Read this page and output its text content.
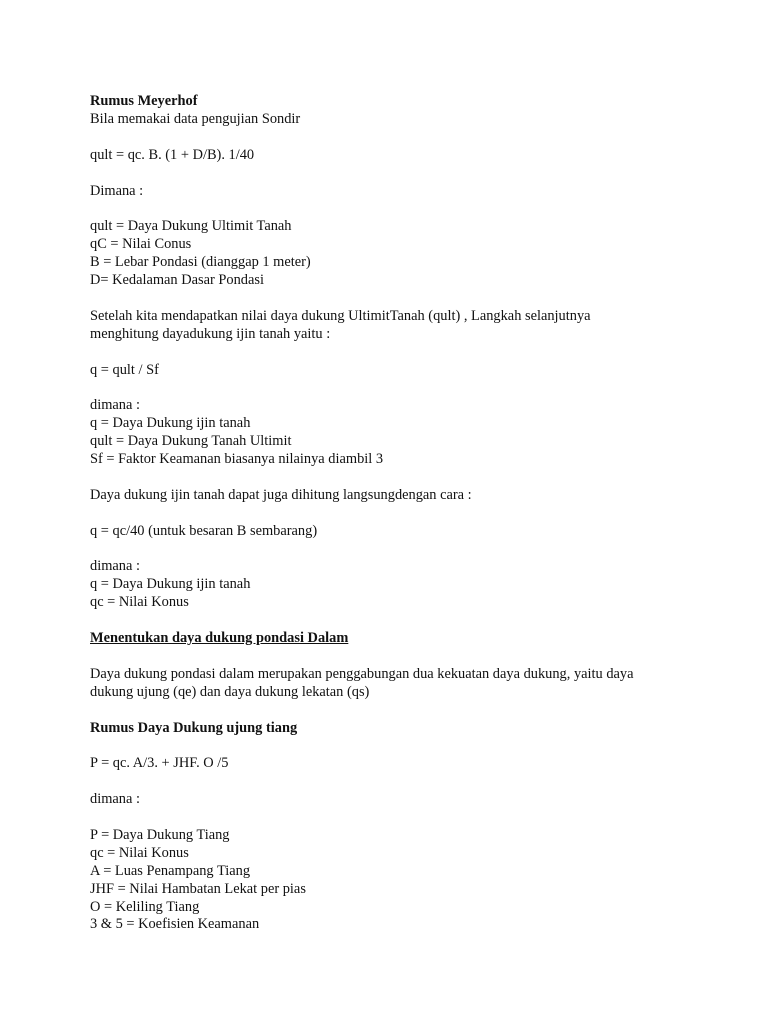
Rumus Meyerhof
Bila memakai data pengujian Sondir
qult = qc. B. (1 + D/B). 1/40
Dimana :
qult = Daya Dukung Ultimit Tanah
qC = Nilai Conus
B = Lebar Pondasi (dianggap 1 meter)
D= Kedalaman Dasar Pondasi
Setelah kita mendapatkan nilai daya dukung UltimitTanah (qult) , Langkah selanjutnya
menghitung dayadukung ijin tanah yaitu :
q = qult / Sf
dimana :
q = Daya Dukung ijin tanah
qult = Daya Dukung Tanah Ultimit
Sf = Faktor Keamanan biasanya nilainya diambil 3
Daya dukung ijin tanah dapat juga dihitung langsungdengan cara :
q = qc/40 (untuk besaran B sembarang)
dimana :
q = Daya Dukung ijin tanah
qc = Nilai Konus
Menentukan daya dukung pondasi Dalam
Daya dukung pondasi dalam merupakan penggabungan dua kekuatan daya dukung, yaitu daya
dukung ujung (qe) dan daya dukung lekatan (qs)
Rumus Daya Dukung ujung tiang
P = qc. A/3. + JHF. O /5
dimana :
P = Daya Dukung Tiang
qc = Nilai Konus
A = Luas Penampang Tiang
JHF = Nilai Hambatan Lekat per pias
O = Keliling Tiang
3 & 5 = Koefisien Keamanan
